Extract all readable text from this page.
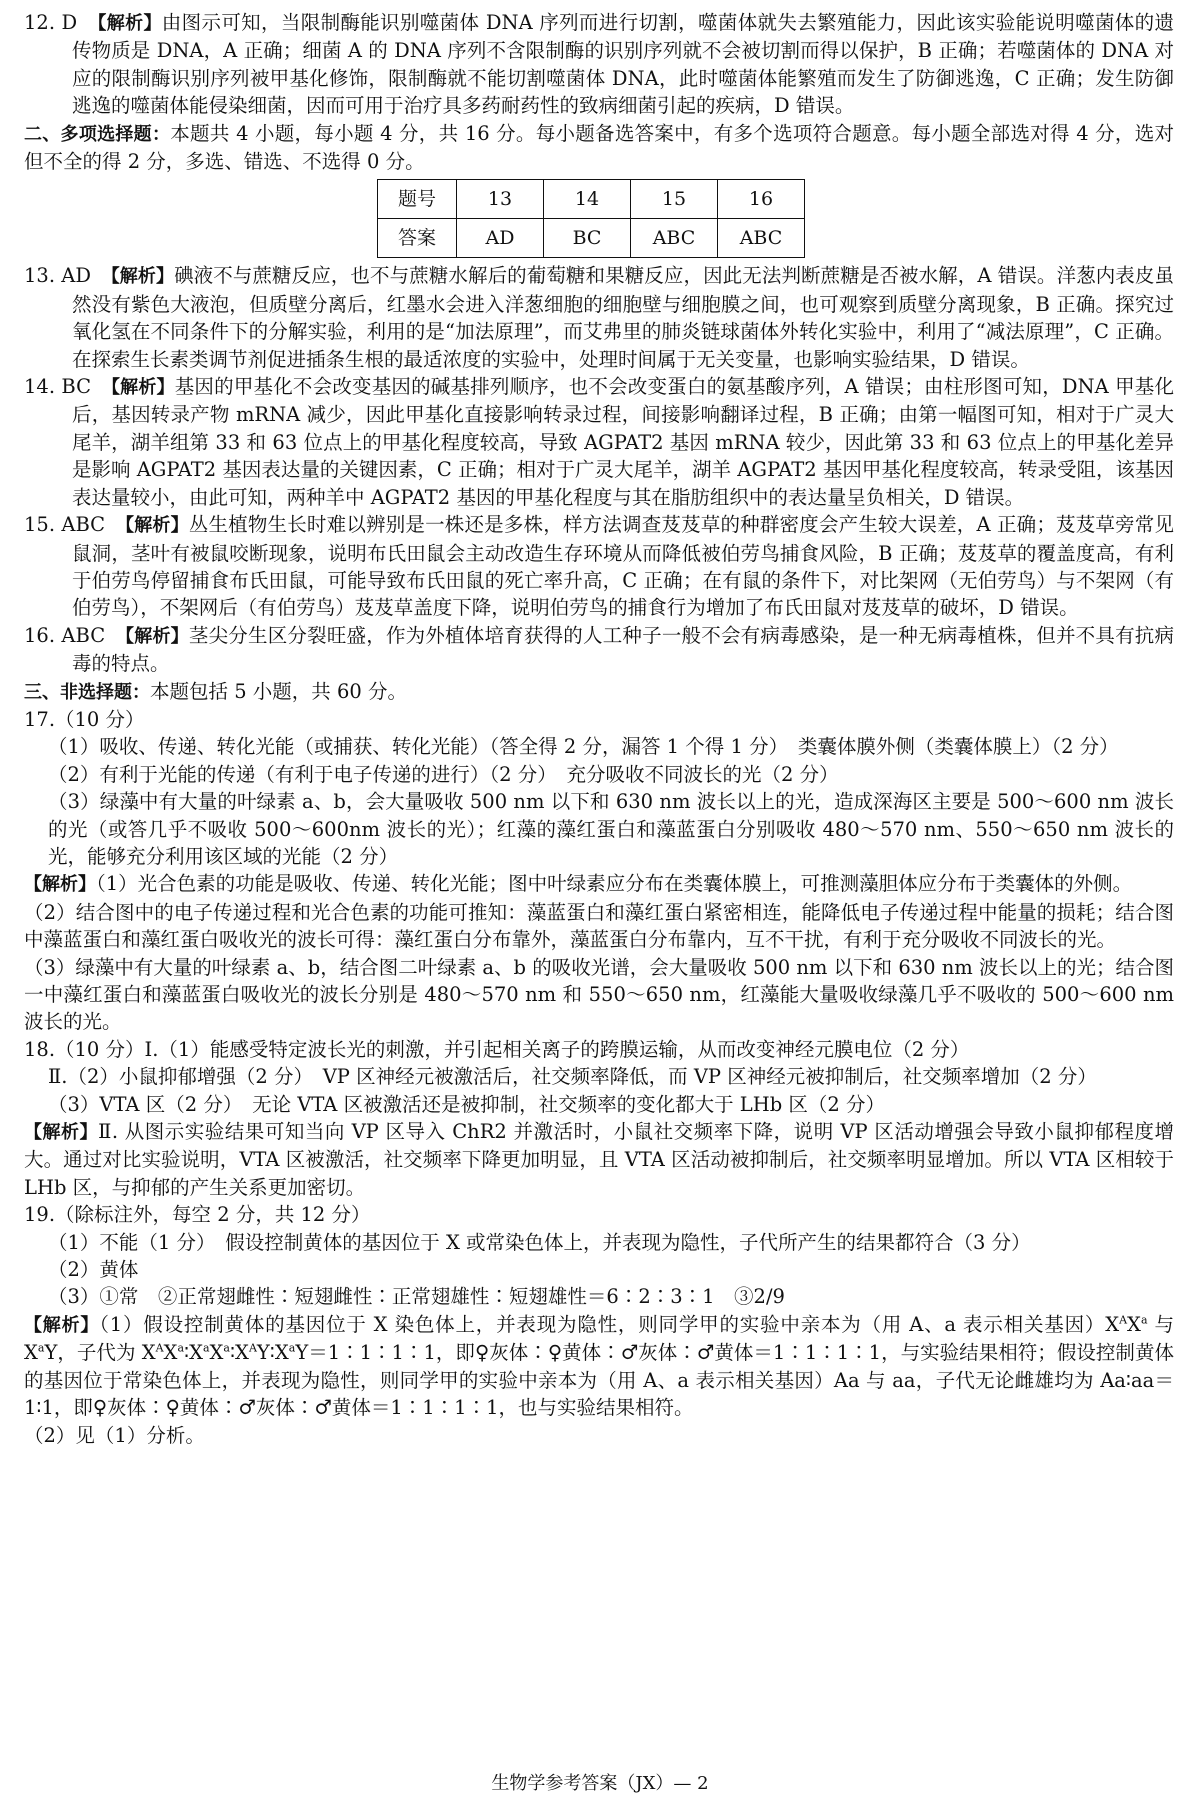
12. D　 【解析】由图示可知，当限制酶能识别噬菌体 DNA 序列而进行切割，噬菌体就失去繁殖能力，因此该实验能说明噬菌体的遗传物质是 DNA，A 正确；细菌 A 的 DNA 序列不含限制酶的识别序列就不会被切割而得以保护，B 正确；若噬菌体的 DNA 对应的限制酶识别序列被甲基化修饰，限制酶就不能切割噬菌体 DNA，此时噬菌体能繁殖而发生了防御逃逸，C 正确；发生防御逃逸的噬菌体能侵染细菌，因而可用于治疗具多药耐药性的致病细菌引起的疾病，D 错误。

二、多项选择题：本题共 4 小题，每小题 4 分，共 16 分。每小题备选答案中，有多个选项符合题意。每小题全部选对得 4 分，选对但不全的得 2 分，多选、错选、不选得 0 分。

题号	13	14	15	16
答案	AD	BC	ABC	ABC

13. AD　 【解析】碘液不与蔗糖反应，也不与蔗糖水解后的葡萄糖和果糖反应，因此无法判断蔗糖是否被水解，A 错误。洋葱内表皮虽然没有紫色大液泡，但质壁分离后，红墨水会进入洋葱细胞的细胞壁与细胞膜之间，也可观察到质壁分离现象，B 正确。探究过氧化氢在不同条件下的分解实验，利用的是“加法原理”，而艾弗里的肺炎链球菌体外转化实验中，利用了“减法原理”，C 正确。在探索生长素类调节剂促进插条生根的最适浓度的实验中，处理时间属于无关变量，也影响实验结果，D 错误。

14. BC　 【解析】基因的甲基化不会改变基因的碱基排列顺序，也不会改变蛋白的氨基酸序列，A 错误；由柱形图可知，DNA 甲基化后，基因转录产物 mRNA 减少，因此甲基化直接影响转录过程，间接影响翻译过程，B 正确；由第一幅图可知，相对于广灵大尾羊，湖羊组第 33 和 63 位点上的甲基化程度较高，导致 AGPAT2 基因 mRNA 较少，因此第 33 和 63 位点上的甲基化差异是影响 AGPAT2 基因表达量的关键因素，C 正确；相对于广灵大尾羊，湖羊 AGPAT2 基因甲基化程度较高，转录受阻，该基因表达量较小，由此可知，两种羊中 AGPAT2 基因的甲基化程度与其在脂肪组织中的表达量呈负相关，D 错误。

15. ABC　 【解析】丛生植物生长时难以辨别是一株还是多株，样方法调查芨芨草的种群密度会产生较大误差，A 正确；芨芨草旁常见鼠洞，茎叶有被鼠咬断现象，说明布氏田鼠会主动改造生存环境从而降低被伯劳鸟捕食风险，B 正确；芨芨草的覆盖度高，有利于伯劳鸟停留捕食布氏田鼠，可能导致布氏田鼠的死亡率升高，C 正确；在有鼠的条件下，对比架网（无伯劳鸟）与不架网（有伯劳鸟），不架网后（有伯劳鸟）芨芨草盖度下降，说明伯劳鸟的捕食行为增加了布氏田鼠对芨芨草的破坏，D 错误。

16. ABC　 【解析】茎尖分生区分裂旺盛，作为外植体培育获得的人工种子一般不会有病毒感染，是一种无病毒植株，但并不具有抗病毒的特点。

三、非选择题：本题包括 5 小题，共 60 分。

17.（10 分）

（1）吸收、传递、转化光能（或捕获、转化光能）（答全得 2 分，漏答 1 个得 1 分）　类囊体膜外侧（类囊体膜上）（2 分）

（2）有利于光能的传递（有利于电子传递的进行）（2 分）　充分吸收不同波长的光（2 分）

（3）绿藻中有大量的叶绿素 a、b，会大量吸收 500 nm 以下和 630 nm 波长以上的光，造成深海区主要是 500～600 nm 波长的光（或答几乎不吸收 500～600nm 波长的光）；红藻的藻红蛋白和藻蓝蛋白分别吸收 480～570 nm、550～650 nm 波长的光，能够充分利用该区域的光能（2 分）

【解析】（1）光合色素的功能是吸收、传递、转化光能；图中叶绿素应分布在类囊体膜上，可推测藻胆体应分布于类囊体的外侧。

（2）结合图中的电子传递过程和光合色素的功能可推知：藻蓝蛋白和藻红蛋白紧密相连，能降低电子传递过程中能量的损耗；结合图中藻蓝蛋白和藻红蛋白吸收光的波长可得：藻红蛋白分布靠外，藻蓝蛋白分布靠内，互不干扰，有利于充分吸收不同波长的光。

（3）绿藻中有大量的叶绿素 a、b，结合图二叶绿素 a、b 的吸收光谱，会大量吸收 500 nm 以下和 630 nm 波长以上的光；结合图一中藻红蛋白和藻蓝蛋白吸收光的波长分别是 480～570 nm 和 550～650 nm，红藻能大量吸收绿藻几乎不吸收的 500～600 nm 波长的光。

18.（10 分）Ⅰ.（1）能感受特定波长光的刺激，并引起相关离子的跨膜运输，从而改变神经元膜电位（2 分）

Ⅱ.（2）小鼠抑郁增强（2 分）　VP 区神经元被激活后，社交频率降低，而 VP 区神经元被抑制后，社交频率增加（2 分）

（3）VTA 区（2 分）　无论 VTA 区被激活还是被抑制，社交频率的变化都大于 LHb 区（2 分）

【解析】Ⅱ. 从图示实验结果可知当向 VP 区导入 ChR2 并激活时，小鼠社交频率下降，说明 VP 区活动增强会导致小鼠抑郁程度增大。通过对比实验说明，VTA 区被激活，社交频率下降更加明显，且 VTA 区活动被抑制后，社交频率明显增加。所以 VTA 区相较于 LHb 区，与抑郁的产生关系更加密切。

19.（除标注外，每空 2 分，共 12 分）

（1）不能（1 分）　假设控制黄体的基因位于 X 或常染色体上，并表现为隐性，子代所产生的结果都符合（3 分）

（2）黄体

（3）①常　②正常翅雌性∶短翅雌性∶正常翅雄性∶短翅雄性＝6∶2∶3∶1　③2/9

【解析】（1）假设控制黄体的基因位于 X 染色体上，并表现为隐性，则同学甲的实验中亲本为（用 A、a 表示相关基因）$X^AX^a$ 与 $X^aY$，子代为 $X^AX^a∶X^aX^a∶X^AY∶X^aY=1∶1∶1∶1$，即♀灰体∶♀黄体∶♂灰体∶♂黄体＝1∶1∶1∶1，与实验结果相符；假设控制黄体的基因位于常染色体上，并表现为隐性，则同学甲的实验中亲本为（用 A、a 表示相关基因）Aa 与 aa，子代无论雌雄均为 Aa∶aa＝1∶1，即♀灰体∶♀黄体∶♂灰体∶♂黄体＝1∶1∶1∶1，也与实验结果相符。

（2）见（1）分析。

生物学参考答案（JX）— 2
